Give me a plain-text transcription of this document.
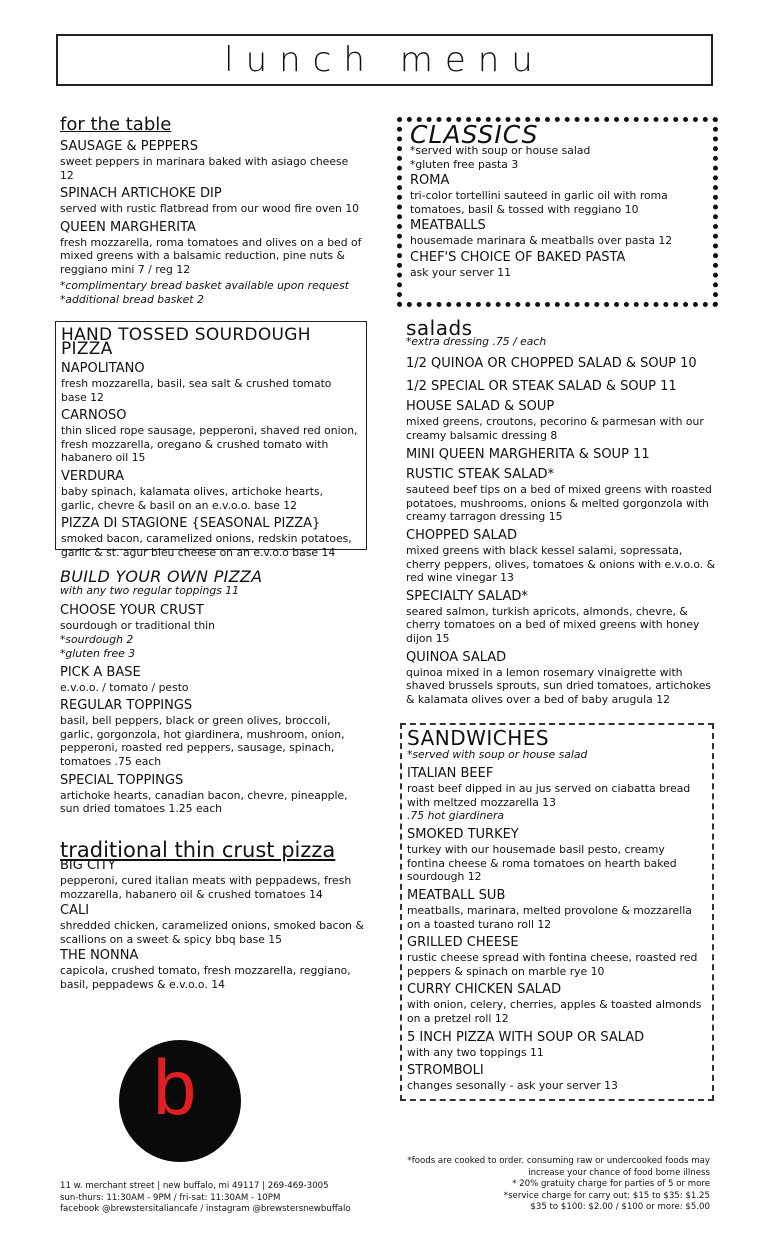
lunch menu
for the table
SAUSAGE & PEPPERS
sweet peppers in marinara baked with asiago cheese 12
SPINACH ARTICHOKE DIP
served with rustic flatbread from our wood fire oven 10
QUEEN MARGHERITA
fresh mozzarella, roma tomatoes and olives on a bed of mixed greens with a balsamic reduction, pine nuts & reggiano mini 7 / reg 12
*complimentary bread basket available upon request
*additional bread basket 2
HAND TOSSED SOURDOUGH PIZZA
NAPOLITANO
fresh mozzarella, basil, sea salt & crushed tomato base 12
CARNOSO
thin sliced rope sausage, pepperoni, shaved red onion, fresh mozzarella, oregano & crushed tomato with habanero oil 15
VERDURA
baby spinach, kalamata olives, artichoke hearts, garlic, chevre & basil on an e.v.o.o. base 12
PIZZA DI STAGIONE {SEASONAL PIZZA}
smoked bacon, caramelized onions, redskin potatoes, garlic & st. agur bleu cheese on an e.v.o.o base 14
BUILD YOUR OWN PIZZA
with any two regular toppings 11
CHOOSE YOUR CRUST
sourdough or traditional thin
*sourdough 2
*gluten free 3
PICK A BASE
e.v.o.o. / tomato / pesto
REGULAR TOPPINGS
basil, bell peppers, black or green olives, broccoli, garlic, gorgonzola, hot giardinera, mushroom, onion, pepperoni, roasted red peppers, sausage, spinach, tomatoes .75 each
SPECIAL TOPPINGS
artichoke hearts, canadian bacon, chevre, pineapple, sun dried tomatoes 1.25 each
traditional thin crust pizza
BIG CITY
pepperoni, cured italian meats with peppadews, fresh mozzarella, habanero oil & crushed tomatoes 14
CALI
shredded chicken, caramelized onions, smoked bacon & scallions on a sweet & spicy bbq base 15
THE NONNA
capicola, crushed tomato, fresh mozzarella, reggiano, basil, peppadews & e.v.o.o. 14
b
11 w. merchant street | new buffalo, mi 49117 | 269-469-3005
sun-thurs: 11:30AM - 9PM / fri-sat: 11:30AM - 10PM
facebook @brewstersitaliancafe / instagram @brewstersnewbuffalo
CLASSICS
*served with soup or house salad
*gluten free pasta 3
ROMA
tri-color tortellini sauteed in garlic oil with roma tomatoes, basil & tossed with reggiano 10
MEATBALLS
housemade marinara & meatballs over pasta 12
CHEF'S CHOICE OF BAKED PASTA
ask your server 11
salads
*extra dressing .75 / each
1/2 QUINOA OR CHOPPED SALAD & SOUP 10
1/2 SPECIAL OR STEAK SALAD & SOUP 11
HOUSE SALAD & SOUP
mixed greens, croutons, pecorino & parmesan with our creamy balsamic dressing 8
MINI QUEEN MARGHERITA & SOUP 11
RUSTIC STEAK SALAD*
sauteed beef tips on a bed of mixed greens with roasted potatoes, mushrooms, onions & melted gorgonzola with creamy tarragon dressing 15
CHOPPED SALAD
mixed greens with black kessel salami, sopressata, cherry peppers, olives, tomatoes & onions with e.v.o.o. & red wine vinegar 13
SPECIALTY SALAD*
seared salmon, turkish apricots, almonds, chevre, & cherry tomatoes on a bed of mixed greens with honey dijon 15
QUINOA SALAD
quinoa mixed in a lemon rosemary vinaigrette with shaved brussels sprouts, sun dried tomatoes, artichokes & kalamata olives over a bed of baby arugula 12
SANDWICHES
*served with soup or house salad
ITALIAN BEEF
roast beef dipped in au jus served on ciabatta bread with meltzed mozzarella 13
.75 hot giardinera
SMOKED TURKEY
turkey with our housemade basil pesto, creamy fontina cheese & roma tomatoes on hearth baked sourdough 12
MEATBALL SUB
meatballs, marinara, melted provolone & mozzarella on a toasted turano roll 12
GRILLED CHEESE
rustic cheese spread with fontina cheese, roasted red peppers & spinach on marble rye 10
CURRY CHICKEN SALAD
with onion, celery, cherries, apples & toasted almonds on a pretzel roll 12
5 INCH PIZZA WITH SOUP OR SALAD
with any two toppings 11
STROMBOLI
changes sesonally - ask your server 13
*foods are cooked to order. consuming raw or undercooked foods may
increase your chance of food borne illness
* 20% gratuity charge for parties of 5 or more
*service charge for carry out: $15 to $35: $1.25
$35 to $100: $2.00 / $100 or more: $5.00
